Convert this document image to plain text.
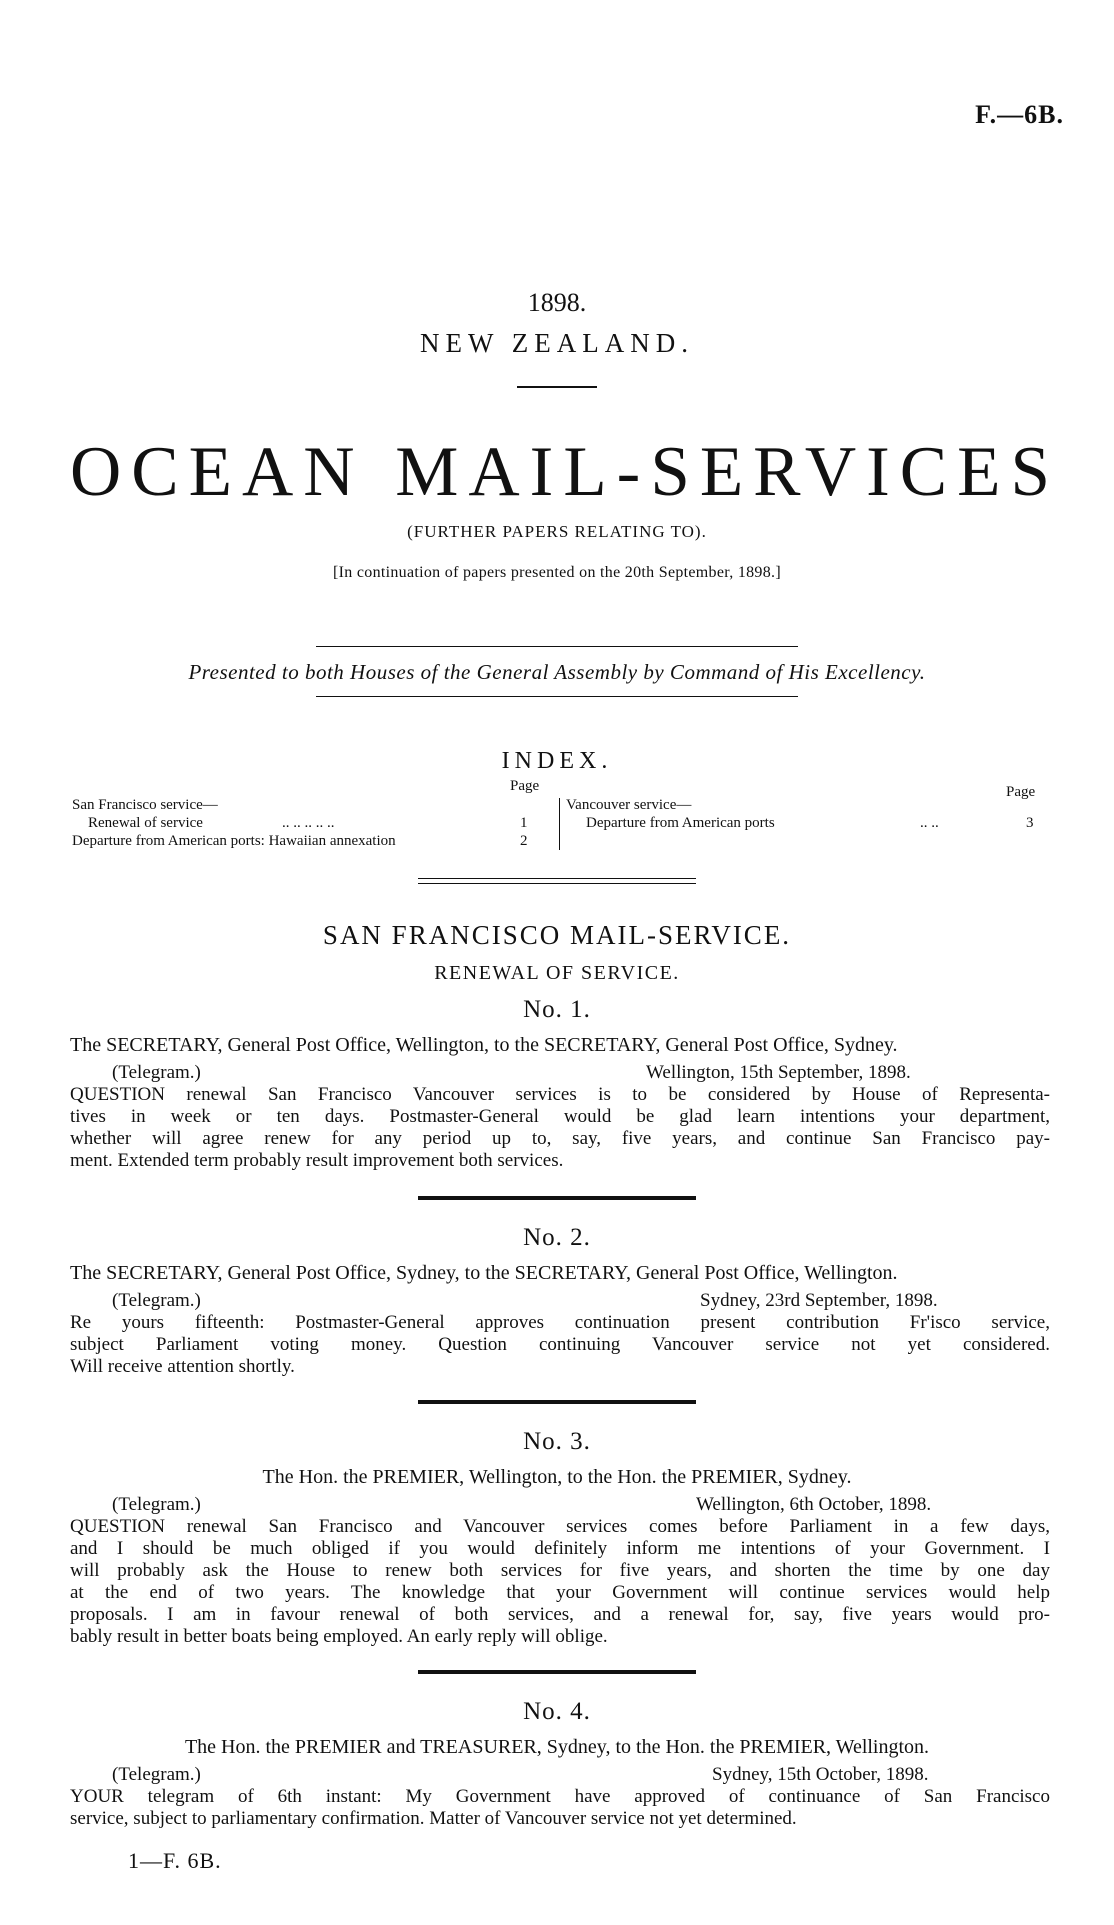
F.—6B.
1898.
NEW ZEALAND.
OCEAN MAIL-SERVICES
(FURTHER PAPERS RELATING TO).
[In continuation of papers presented on the 20th September, 1898.]
Presented to both Houses of the General Assembly by Command of His Excellency.
INDEX.
Page	Page
San Francisco service—
Renewal of service	.. .. .. .. ..	1
Departure from American ports: Hawaiian annexation	2
Vancouver service—
Departure from American ports	.. ..	3
SAN FRANCISCO MAIL-SERVICE.
RENEWAL OF SERVICE.
No. 1.
The SECRETARY, General Post Office, Wellington, to the SECRETARY, General Post Office, Sydney.
(Telegram.)	Wellington, 15th September, 1898.
QUESTION renewal San Francisco Vancouver services is to be considered by House of Representa-
tives in week or ten days. Postmaster-General would be glad learn intentions your department,
whether will agree renew for any period up to, say, five years, and continue San Francisco pay-
ment. Extended term probably result improvement both services.
No. 2.
The SECRETARY, General Post Office, Sydney, to the SECRETARY, General Post Office, Wellington.
(Telegram.)	Sydney, 23rd September, 1898.
Re yours fifteenth: Postmaster-General approves continuation present contribution Fr'isco service,
subject Parliament voting money. Question continuing Vancouver service not yet considered.
Will receive attention shortly.
No. 3.
The Hon. the PREMIER, Wellington, to the Hon. the PREMIER, Sydney.
(Telegram.)	Wellington, 6th October, 1898.
QUESTION renewal San Francisco and Vancouver services comes before Parliament in a few days,
and I should be much obliged if you would definitely inform me intentions of your Government. I
will probably ask the House to renew both services for five years, and shorten the time by one day
at the end of two years. The knowledge that your Government will continue services would help
proposals. I am in favour renewal of both services, and a renewal for, say, five years would pro-
bably result in better boats being employed. An early reply will oblige.
No. 4.
The Hon. the PREMIER and TREASURER, Sydney, to the Hon. the PREMIER, Wellington.
(Telegram.)	Sydney, 15th October, 1898.
YOUR telegram of 6th instant: My Government have approved of continuance of San Francisco
service, subject to parliamentary confirmation. Matter of Vancouver service not yet determined.
1—F. 6B.
